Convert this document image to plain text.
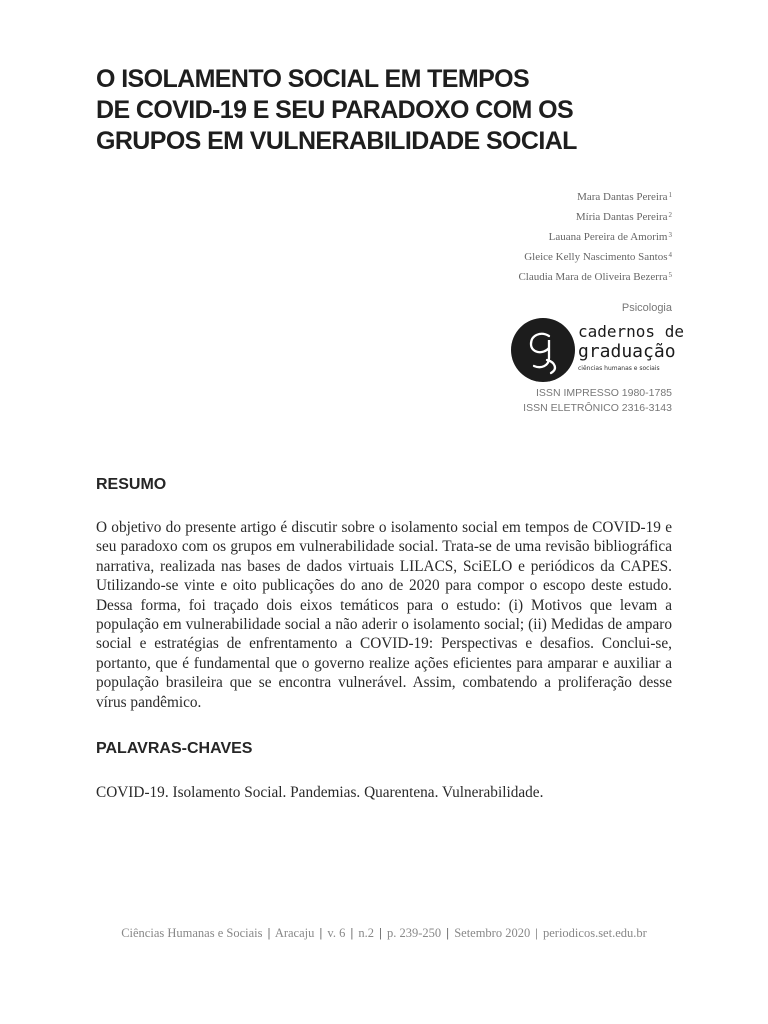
O ISOLAMENTO SOCIAL EM TEMPOS
DE COVID-19 E SEU PARADOXO COM OS
GRUPOS EM VULNERABILIDADE SOCIAL
Mara Dantas Pereira$^1$
Míria Dantas Pereira$^2$
Lauana Pereira de Amorim$^3$
Gleice Kelly Nascimento Santos$^4$
Claudia Mara de Oliveira Bezerra$^5$
Psicologia
cadernos de
graduação
ciências humanas e sociais
ISSN IMPRESSO 1980-1785
ISSN ELETRÔNICO 2316-3143
RESUMO
O objetivo do presente artigo é discutir sobre o isolamento social em tempos de COVID-19 e seu paradoxo com os grupos em vulnerabilidade social. Trata-se de uma revisão bibliográfica narrativa, realizada nas bases de dados virtuais LILACS, SciELO e periódicos da CAPES. Utilizando-se vinte e oito publicações do ano de 2020 para compor o escopo deste estudo. Dessa forma, foi traçado dois eixos temáticos para o estudo: (i) Motivos que levam a população em vulnerabilidade social a não aderir o isolamento social; (ii) Medidas de amparo social e estratégias de enfrentamento a COVID-19: Perspectivas e desafios. Conclui-se, portanto, que é fundamental que o governo realize ações eficientes para amparar e auxiliar a população brasileira que se encontra vulnerável. Assim, combatendo a proliferação desse vírus pandêmico.
PALAVRAS-CHAVES
COVID-19. Isolamento Social. Pandemias. Quarentena. Vulnerabilidade.
Ciências Humanas e Sociais | Aracaju | v. 6 | n.2 | p. 239-250 | Setembro 2020 | periodicos.set.edu.br
